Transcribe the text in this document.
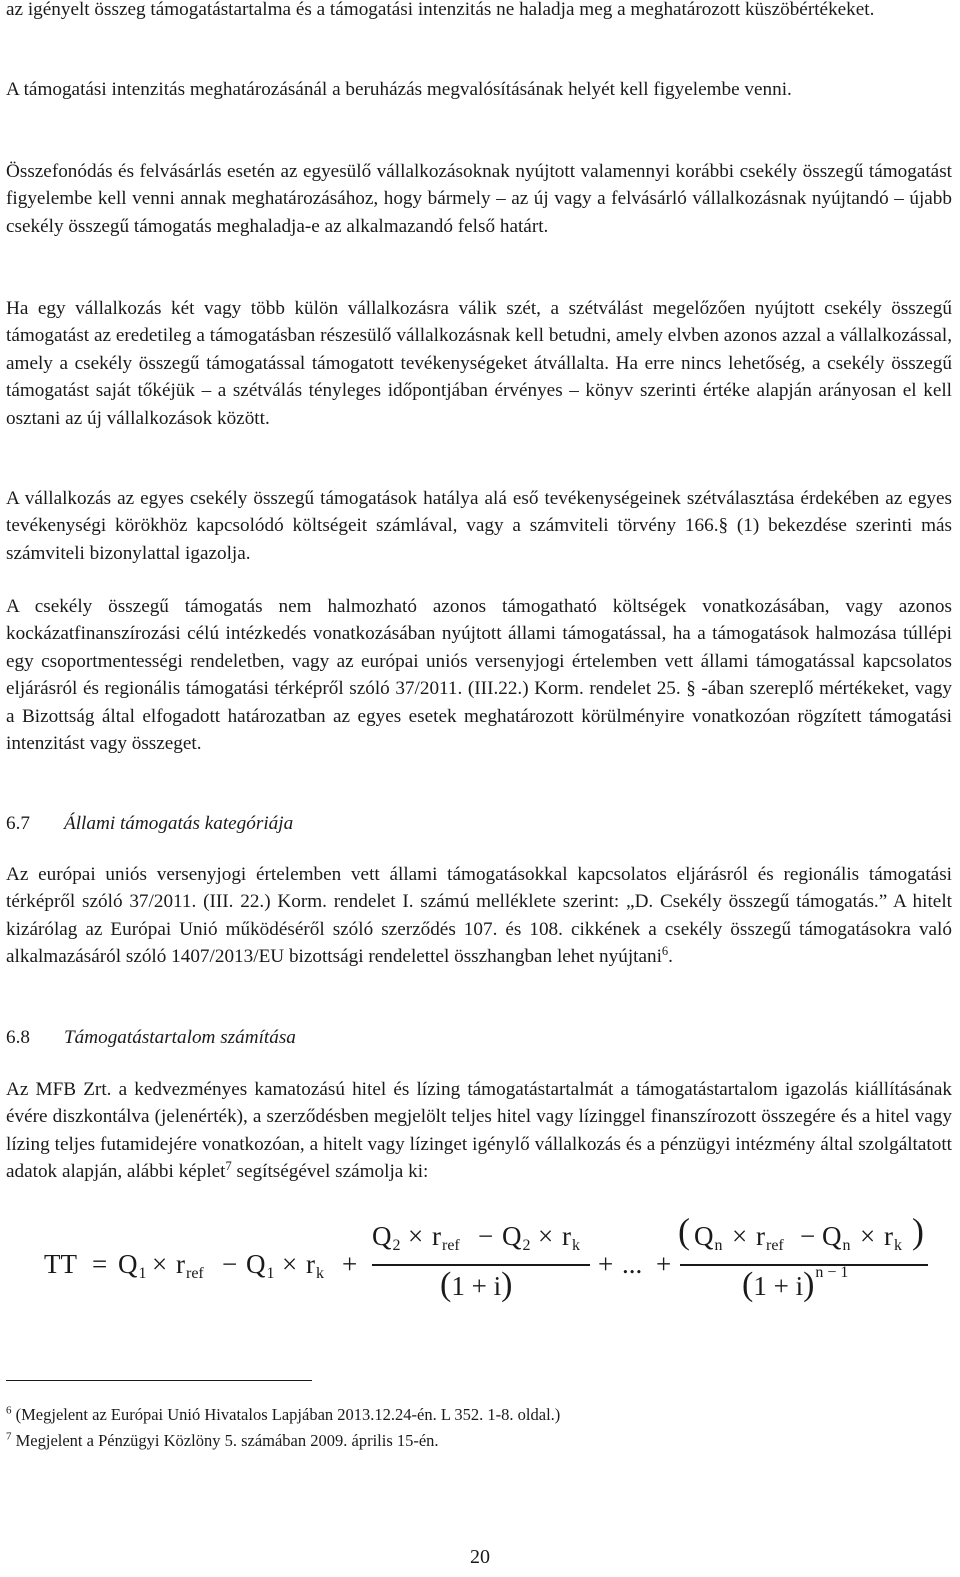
az igényelt összeg támogatástartalma és a támogatási intenzitás ne haladja meg a meghatározott küszöbértékeket.

A támogatási intenzitás meghatározásánál a beruházás megvalósításának helyét kell figyelembe venni.

Összefonódás és felvásárlás esetén az egyesülő vállalkozásoknak nyújtott valamennyi korábbi csekély összegű támogatást figyelembe kell venni annak meghatározásához, hogy bármely – az új vagy a felvásárló vállalkozásnak nyújtandó – újabb csekély összegű támogatás meghaladja-e az alkalmazandó felső határt.

Ha egy vállalkozás két vagy több külön vállalkozásra válik szét, a szétválást megelőzően nyújtott csekély összegű támogatást az eredetileg a támogatásban részesülő vállalkozásnak kell betudni, amely elvben azonos azzal a vállalkozással, amely a csekély összegű támogatással támogatott tevékenységeket átvállalta. Ha erre nincs lehetőség, a csekély összegű támogatást saját tőkéjük – a szétválás tényleges időpontjában érvényes – könyv szerinti értéke alapján arányosan el kell osztani az új vállalkozások között.

A vállalkozás az egyes csekély összegű támogatások hatálya alá eső tevékenységeinek szétválasztása érdekében az egyes tevékenységi körökhöz kapcsolódó költségeit számlával, vagy a számviteli törvény 166.§ (1) bekezdése szerinti más számviteli bizonylattal igazolja.

A csekély összegű támogatás nem halmozható azonos támogatható költségek vonatkozásában, vagy azonos kockázatfinanszírozási célú intézkedés vonatkozásában nyújtott állami támogatással, ha a támogatások halmozása túllépi egy csoportmentességi rendeletben, vagy az európai uniós versenyjogi értelemben vett állami támogatással kapcsolatos eljárásról és regionális támogatási térképről szóló 37/2011. (III.22.) Korm. rendelet 25. § -ában szereplő mértékeket, vagy a Bizottság által elfogadott határozatban az egyes esetek meghatározott körülményire vonatkozóan rögzített támogatási intenzitást vagy összeget.

6.7 Állami támogatás kategóriája

Az európai uniós versenyjogi értelemben vett állami támogatásokkal kapcsolatos eljárásról és regionális támogatási térképről szóló 37/2011. (III. 22.) Korm. rendelet I. számú melléklete szerint: „D. Csekély összegű támogatás.” A hitelt kizárólag az Európai Unió működéséről szóló szerződés 107. és 108. cikkének a csekély összegű támogatásokra való alkalmazásáról szóló 1407/2013/EU bizottsági rendelettel összhangban lehet nyújtani$^6$.

6.8 Támogatástartalom számítása

Az MFB Zrt. a kedvezményes kamatozású hitel és lízing támogatástartalmát a támogatástartalom igazolás kiállításának évére diszkontálva (jelenérték), a szerződésben megjelölt teljes hitel vagy lízinggel finanszírozott összegére és a hitel vagy lízing teljes futamidejére vonatkozóan, a hitelt vagy lízinget igénylő vállalkozás és a pénzügyi intézmény által szolgáltatott adatok alapján, alábbi képlet$^7$ segítségével számolja ki:

TT = Q 1 × r ref − Q 1 × r k +
Q 2 × r ref − Q 2 × r k
(1 + i)
+ ... +
( Q n × r ref − Q n × r k )
(1 + i) n − 1

$^6$ (Megjelent az Európai Unió Hivatalos Lapjában 2013.12.24-én. L 352. 1-8. oldal.)

$^7$ Megjelent a Pénzügyi Közlöny 5. számában 2009. április 15-én.

20
